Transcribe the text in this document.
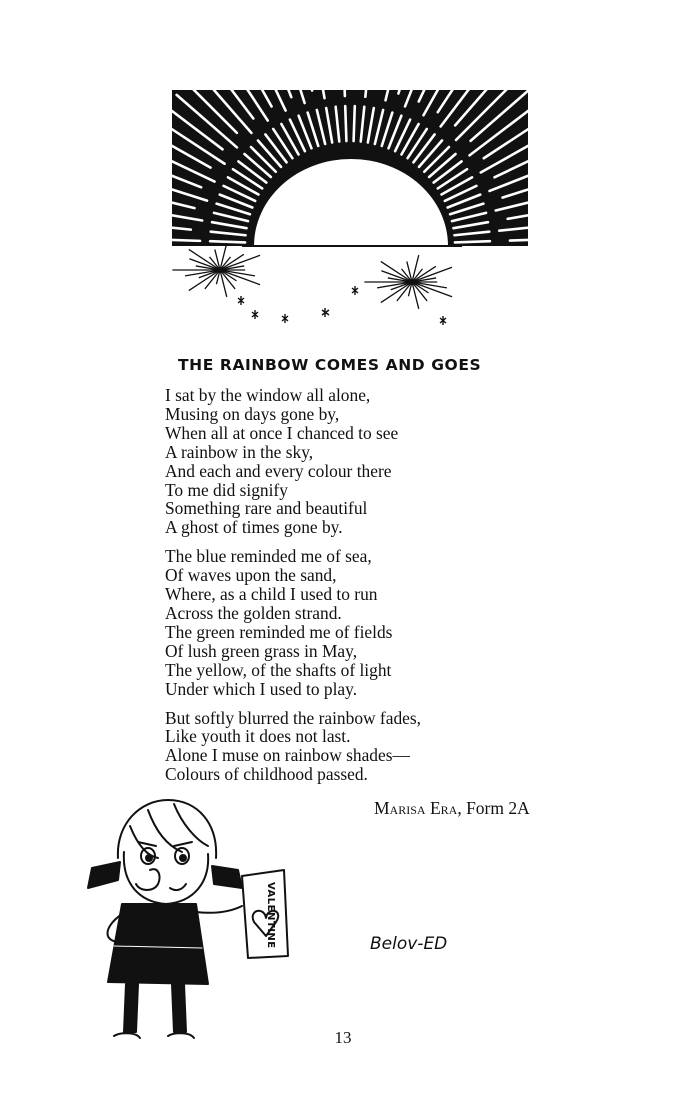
THE RAINBOW COMES AND GOES
I sat by the window all alone,
Musing on days gone by,
When all at once I chanced to see
A rainbow in the sky,
And each and every colour there
To me did signify
Something rare and beautiful
A ghost of times gone by.
The blue reminded me of sea,
Of waves upon the sand,
Where, as a child I used to run
Across the golden strand.
The green reminded me of fields
Of lush green grass in May,
The yellow, of the shafts of light
Under which I used to play.
But softly blurred the rainbow fades,
Like youth it does not last.
Alone I muse on rainbow shades—
Colours of childhood passed.
Marisa Era, Form 2A
VALENTINE	Belov-ED
13
